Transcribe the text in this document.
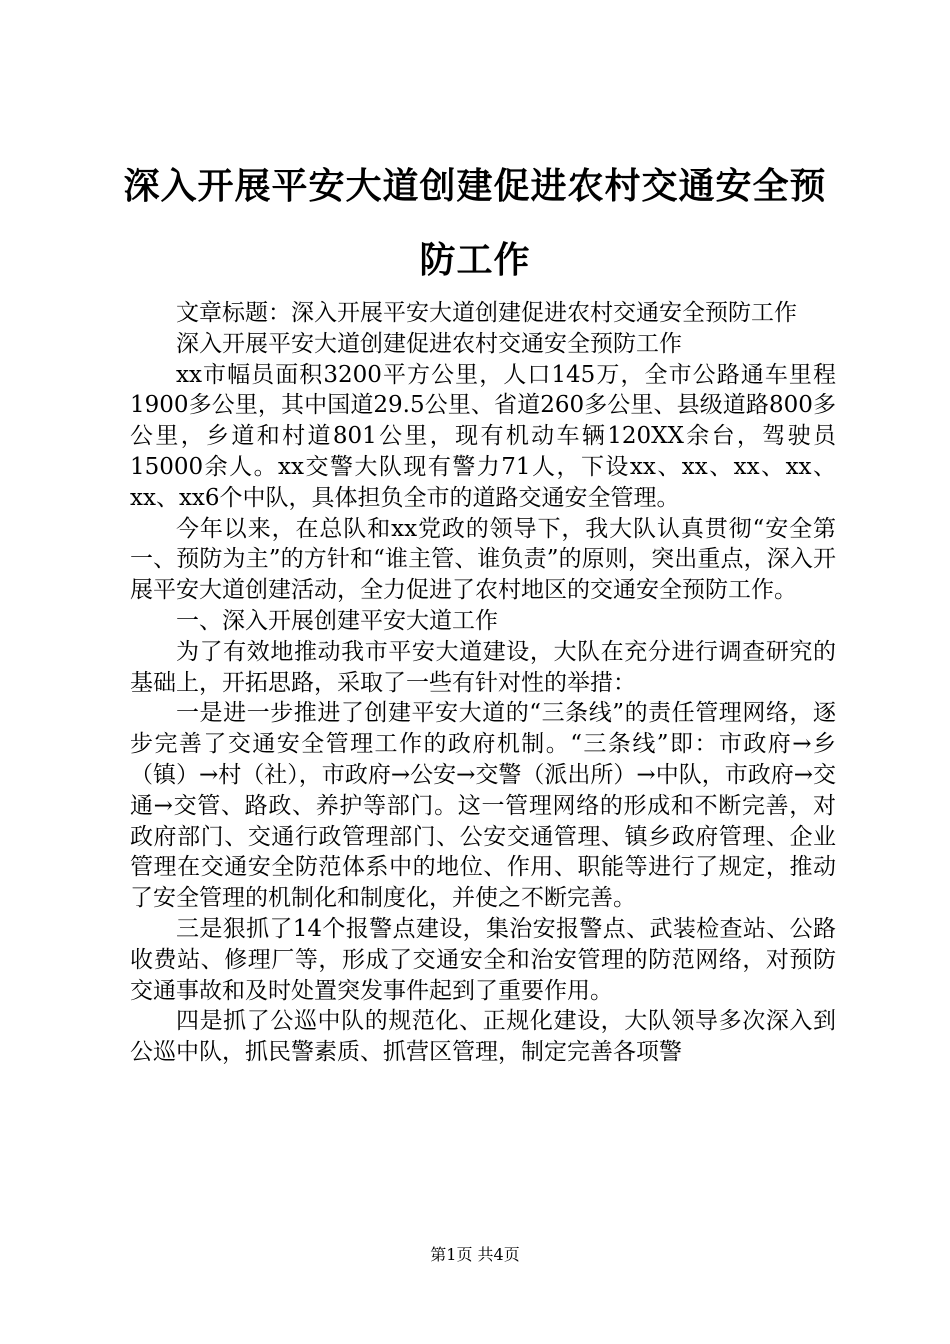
深入开展平安大道创建促进农村交通安全预防工作

文章标题：深入开展平安大道创建促进农村交通安全预防工作

深入开展平安大道创建促进农村交通安全预防工作

xx市幅员面积3200平方公里，人口145万，全市公路通车里程1900多公里，其中国道29.5公里、省道260多公里、县级道路800多公里，乡道和村道801公里，现有机动车辆120XX余台，驾驶员15000余人。xx交警大队现有警力71人，下设xx、xx、xx、xx、xx、xx6个中队，具体担负全市的道路交通安全管理。

今年以来，在总队和xx党政的领导下，我大队认真贯彻“安全第一、预防为主”的方针和“谁主管、谁负责”的原则，突出重点，深入开展平安大道创建活动，全力促进了农村地区的交通安全预防工作。

一、深入开展创建平安大道工作

为了有效地推动我市平安大道建设，大队在充分进行调查研究的基础上，开拓思路，采取了一些有针对性的举措：

一是进一步推进了创建平安大道的“三条线”的责任管理网络，逐步完善了交通安全管理工作的政府机制。“三条线”即：市政府→乡（镇）→村（社），市政府→公安→交警（派出所）→中队，市政府→交通→交管、路政、养护等部门。这一管理网络的形成和不断完善，对政府部门、交通行政管理部门、公安交通管理、镇乡政府管理、企业管理在交通安全防范体系中的地位、作用、职能等进行了规定，推动了安全管理的机制化和制度化，并使之不断完善。

三是狠抓了14个报警点建设，集治安报警点、武装检查站、公路收费站、修理厂等，形成了交通安全和治安管理的防范网络，对预防交通事故和及时处置突发事件起到了重要作用。

四是抓了公巡中队的规范化、正规化建设，大队领导多次深入到公巡中队，抓民警素质、抓营区管理，制定完善各项警

第1页 共4页
